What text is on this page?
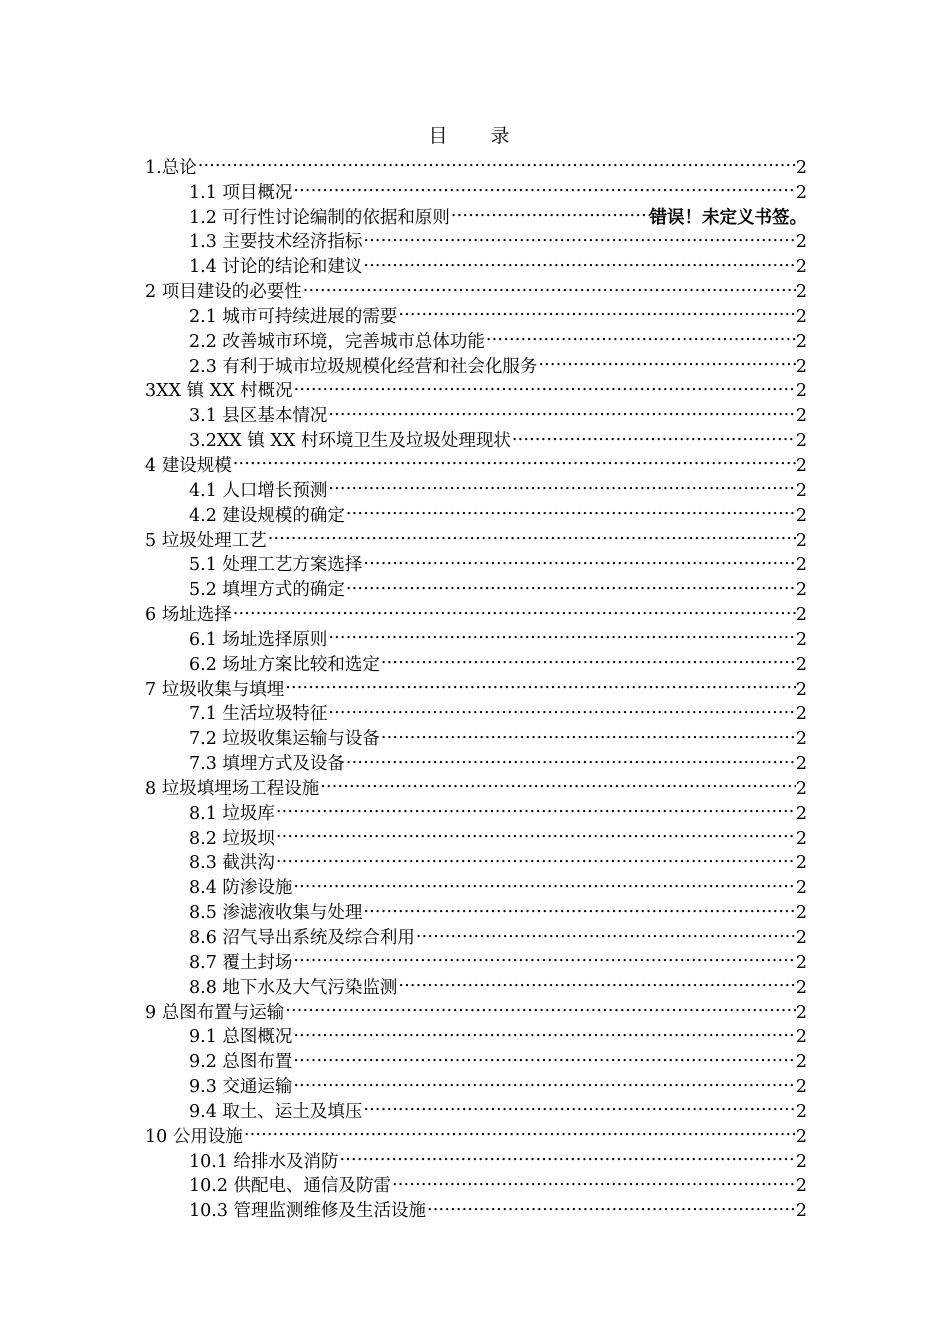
目　录
1.总论 .....	2
1.1 项目概况 .....	2
1.2 可行性讨论编制的依据和原则 .....	错误！未定义书签。
1.3 主要技术经济指标 .....	2
1.4 讨论的结论和建议 .....	2
2 项目建设的必要性 .....	2
2.1 城市可持续进展的需要 .....	2
2.2 改善城市环境，完善城市总体功能 .....	2
2.3 有利于城市垃圾规模化经营和社会化服务 .....	2
3XX 镇 XX 村概况 .....	2
3.1 县区基本情况 .....	2
3.2XX 镇 XX 村环境卫生及垃圾处理现状 .....	2
4 建设规模 .....	2
4.1 人口增长预测 .....	2
4.2 建设规模的确定 .....	2
5 垃圾处理工艺 .....	2
5.1 处理工艺方案选择 .....	2
5.2 填埋方式的确定 .....	2
6 场址选择 .....	2
6.1 场址选择原则 .....	2
6.2 场址方案比较和选定 .....	2
7 垃圾收集与填埋 .....	2
7.1 生活垃圾特征 .....	2
7.2 垃圾收集运输与设备 .....	2
7.3 填埋方式及设备 .....	2
8 垃圾填埋场工程设施 .....	2
8.1 垃圾库 .....	2
8.2 垃圾坝 .....	2
8.3 截洪沟 .....	2
8.4 防渗设施 .....	2
8.5 渗滤液收集与处理 .....	2
8.6 沼气导出系统及综合利用 .....	2
8.7 覆土封场 .....	2
8.8 地下水及大气污染监测 .....	2
9 总图布置与运输 .....	2
9.1 总图概况 .....	2
9.2 总图布置 .....	2
9.3 交通运输 .....	2
9.4 取土、运土及填压 .....	2
10 公用设施 .....	2
10.1 给排水及消防 .....	2
10.2 供配电、通信及防雷 .....	2
10.3 管理监测维修及生活设施 .....	2
